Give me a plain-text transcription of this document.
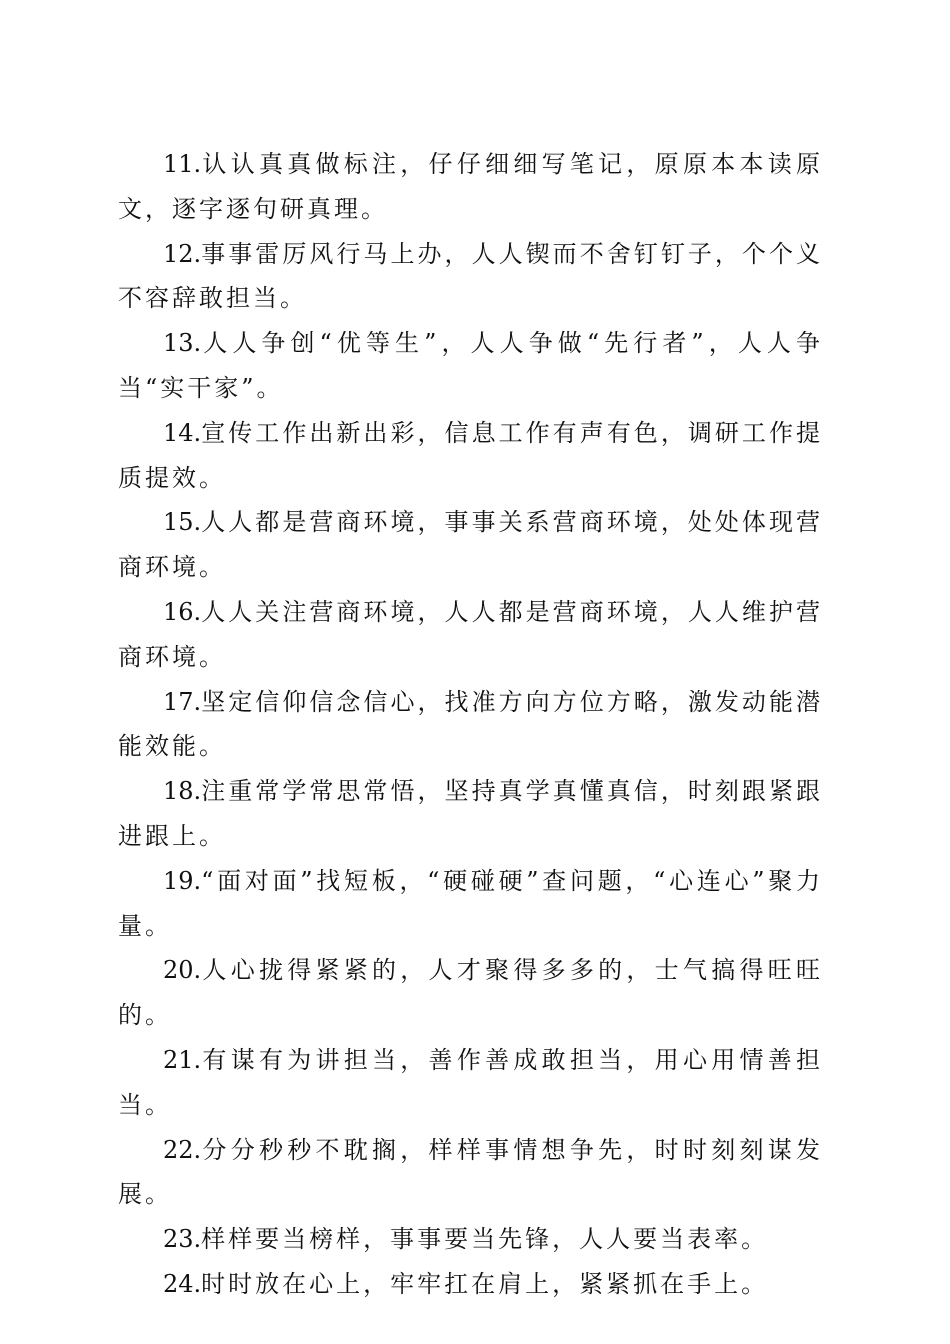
11.认认真真做标注，仔仔细细写笔记，原原本本读原文，逐字逐句研真理。

12.事事雷厉风行马上办，人人锲而不舍钉钉子，个个义不容辞敢担当。

13.人人争创“优等生”，人人争做“先行者”，人人争当“实干家”。

14.宣传工作出新出彩，信息工作有声有色，调研工作提质提效。

15.人人都是营商环境，事事关系营商环境，处处体现营商环境。

16.人人关注营商环境，人人都是营商环境，人人维护营商环境。

17.坚定信仰信念信心，找准方向方位方略，激发动能潜能效能。

18.注重常学常思常悟，坚持真学真懂真信，时刻跟紧跟进跟上。

19.“面对面”找短板，“硬碰硬”查问题，“心连心”聚力量。

20.人心拢得紧紧的，人才聚得多多的，士气搞得旺旺的。

21.有谋有为讲担当，善作善成敢担当，用心用情善担当。

22.分分秒秒不耽搁，样样事情想争先，时时刻刻谋发展。

23.样样要当榜样，事事要当先锋，人人要当表率。

24.时时放在心上，牢牢扛在肩上，紧紧抓在手上。
